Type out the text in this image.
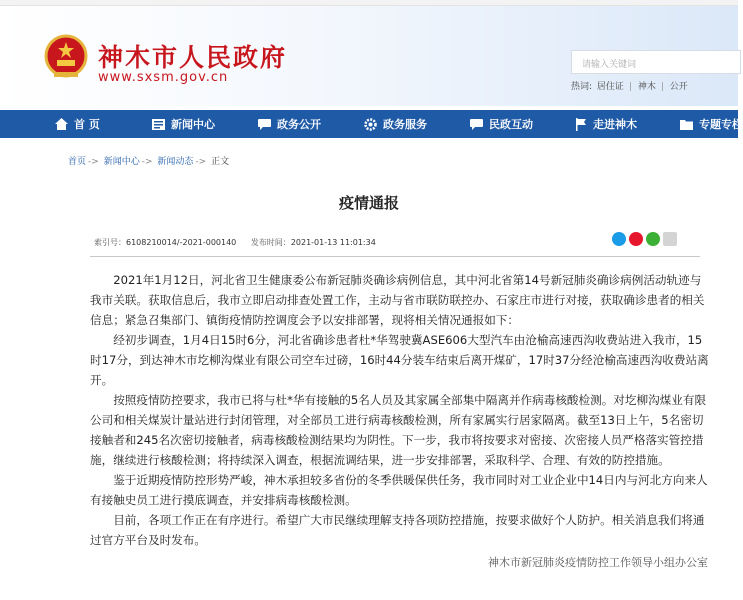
神木市人民政府
www.sxsm.gov.cn
请输入关键词
热词: 居住证 | 神木 | 公开
首 页	新闻中心	政务公开	政务服务	民政互动	走进神木	专题专栏
首页 -> 新闻中心 -> 新闻动态 -> 正文
疫情通报
索引号：6108210014/-2021-000140 发布时间：2021-01-13 11:01:34

2021年1月12日，河北省卫生健康委公布新冠肺炎确诊病例信息，其中河北省第14号新冠肺炎确诊病例活动轨迹与我市关联。获取信息后，我市立即启动排查处置工作，主动与省市联防联控办、石家庄市进行对接，获取确诊患者的相关信息；紧急召集部门、镇街疫情防控调度会予以安排部署，现将相关情况通报如下：

经初步调查，1月4日15时6分，河北省确诊患者杜*华驾驶冀ASE606大型汽车由沧榆高速西沟收费站进入我市，15时17分，到达神木市圪柳沟煤业有限公司空车过磅，16时44分装车结束后离开煤矿，17时37分经沧榆高速西沟收费站离开。

按照疫情防控要求，我市已将与杜*华有接触的5名人员及其家属全部集中隔离并作病毒核酸检测。对圪柳沟煤业有限公司和相关煤炭计量站进行封闭管理，对全部员工进行病毒核酸检测，所有家属实行居家隔离。截至13日上午，5名密切接触者和245名次密切接触者，病毒核酸检测结果均为阴性。下一步，我市将按要求对密接、次密接人员严格落实管控措施，继续进行核酸检测；将持续深入调查，根据流调结果，进一步安排部署，采取科学、合理、有效的防控措施。

鉴于近期疫情防控形势严峻，神木承担较多省份的冬季供暖保供任务，我市同时对工业企业中14日内与河北方向来人有接触史员工进行摸底调查，并安排病毒核酸检测。

目前，各项工作正在有序进行。希望广大市民继续理解支持各项防控措施，按要求做好个人防护。相关消息我们将通过官方平台及时发布。

神木市新冠肺炎疫情防控工作领导小组办公室
